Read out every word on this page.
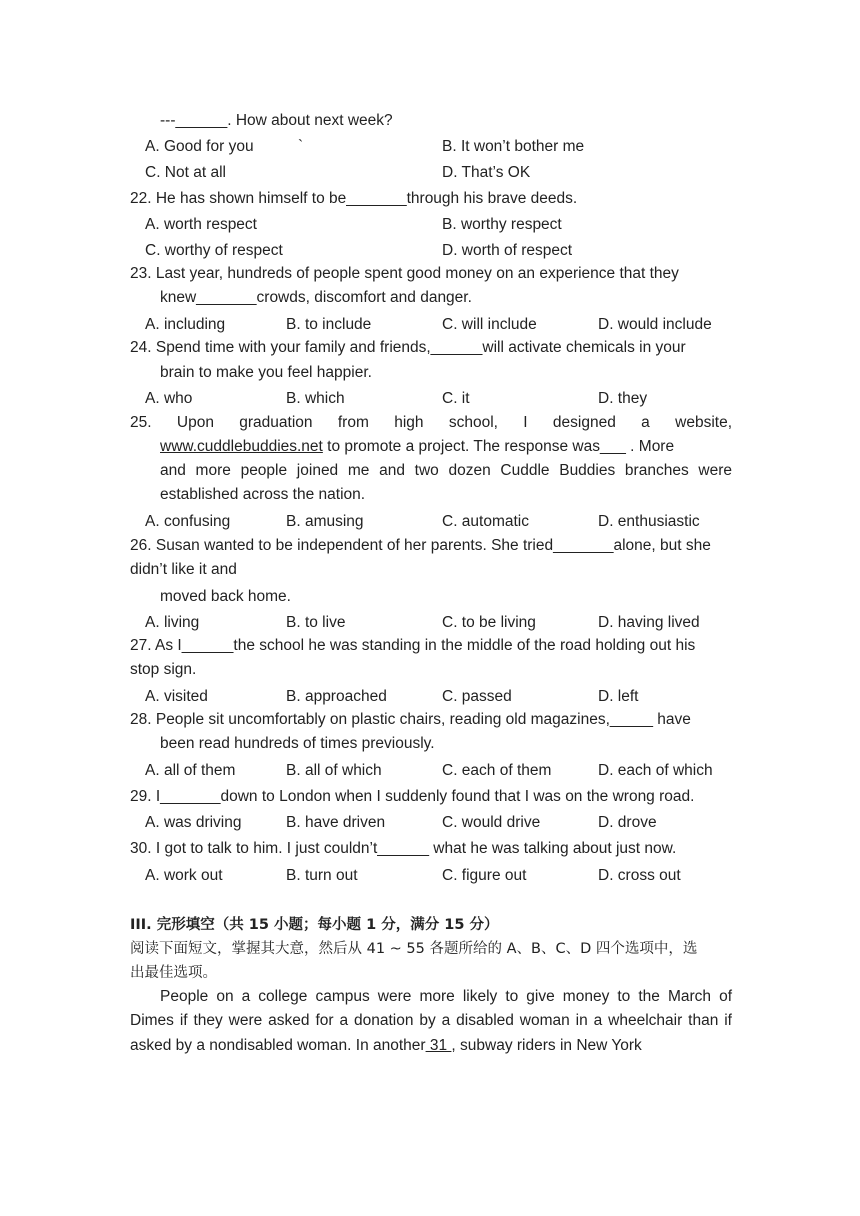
---______. How about next week?
A. Good for you	`	B. It won’t bother me
C. Not at all	D. That’s OK
22. He has shown himself to be_______through his brave deeds.
A. worth respect	B. worthy respect
C. worthy of respect	D. worth of respect
23. Last year, hundreds of people spent good money on an experience that they
knew_______crowds, discomfort and danger.
A. including	B. to include	C. will include	D. would include
24. Spend time with your family and friends,______will activate chemicals in your
brain to make you feel happier.
A. who	B. which	C. it	D. they
25. Upon graduation from high school, I designed a website,
www.cuddlebuddies.net to promote a project. The response was___ . More
and more people joined me and two dozen Cuddle Buddies branches were
established across the nation.
A. confusing	B. amusing	C. automatic	D. enthusiastic
26. Susan wanted to be independent of her parents. She tried_______alone, but she
didn’t like it and
moved back home.
A. living	B. to live	C. to be living	D. having lived
27. As I______the school he was standing in the middle of the road holding out his
stop sign.
A. visited	B. approached	C. passed	D. left
28. People sit uncomfortably on plastic chairs, reading old magazines,_____ have
been read hundreds of times previously.
A. all of them	B. all of which	C. each of them	D. each of which
29. I_______down to London when I suddenly found that I was on the wrong road.
A. was driving	B. have driven	C. would drive	D. drove
30. I got to talk to him. I just couldn’t______ what he was talking about just now.
A. work out	B. turn out	C. figure out	D. cross out
III. 完形填空（共 15 小题；每小题 1 分，满分 15 分）
阅读下面短文，掌握其大意，然后从 41 ~ 55 各题所给的 A、B、C、D 四个选项中，选
出最佳选项。
People on a college campus were more likely to give money to the March of
Dimes if they were asked for a donation by a disabled woman in a wheelchair than if
asked by a nondisabled woman. In another 31 , subway riders in New York
